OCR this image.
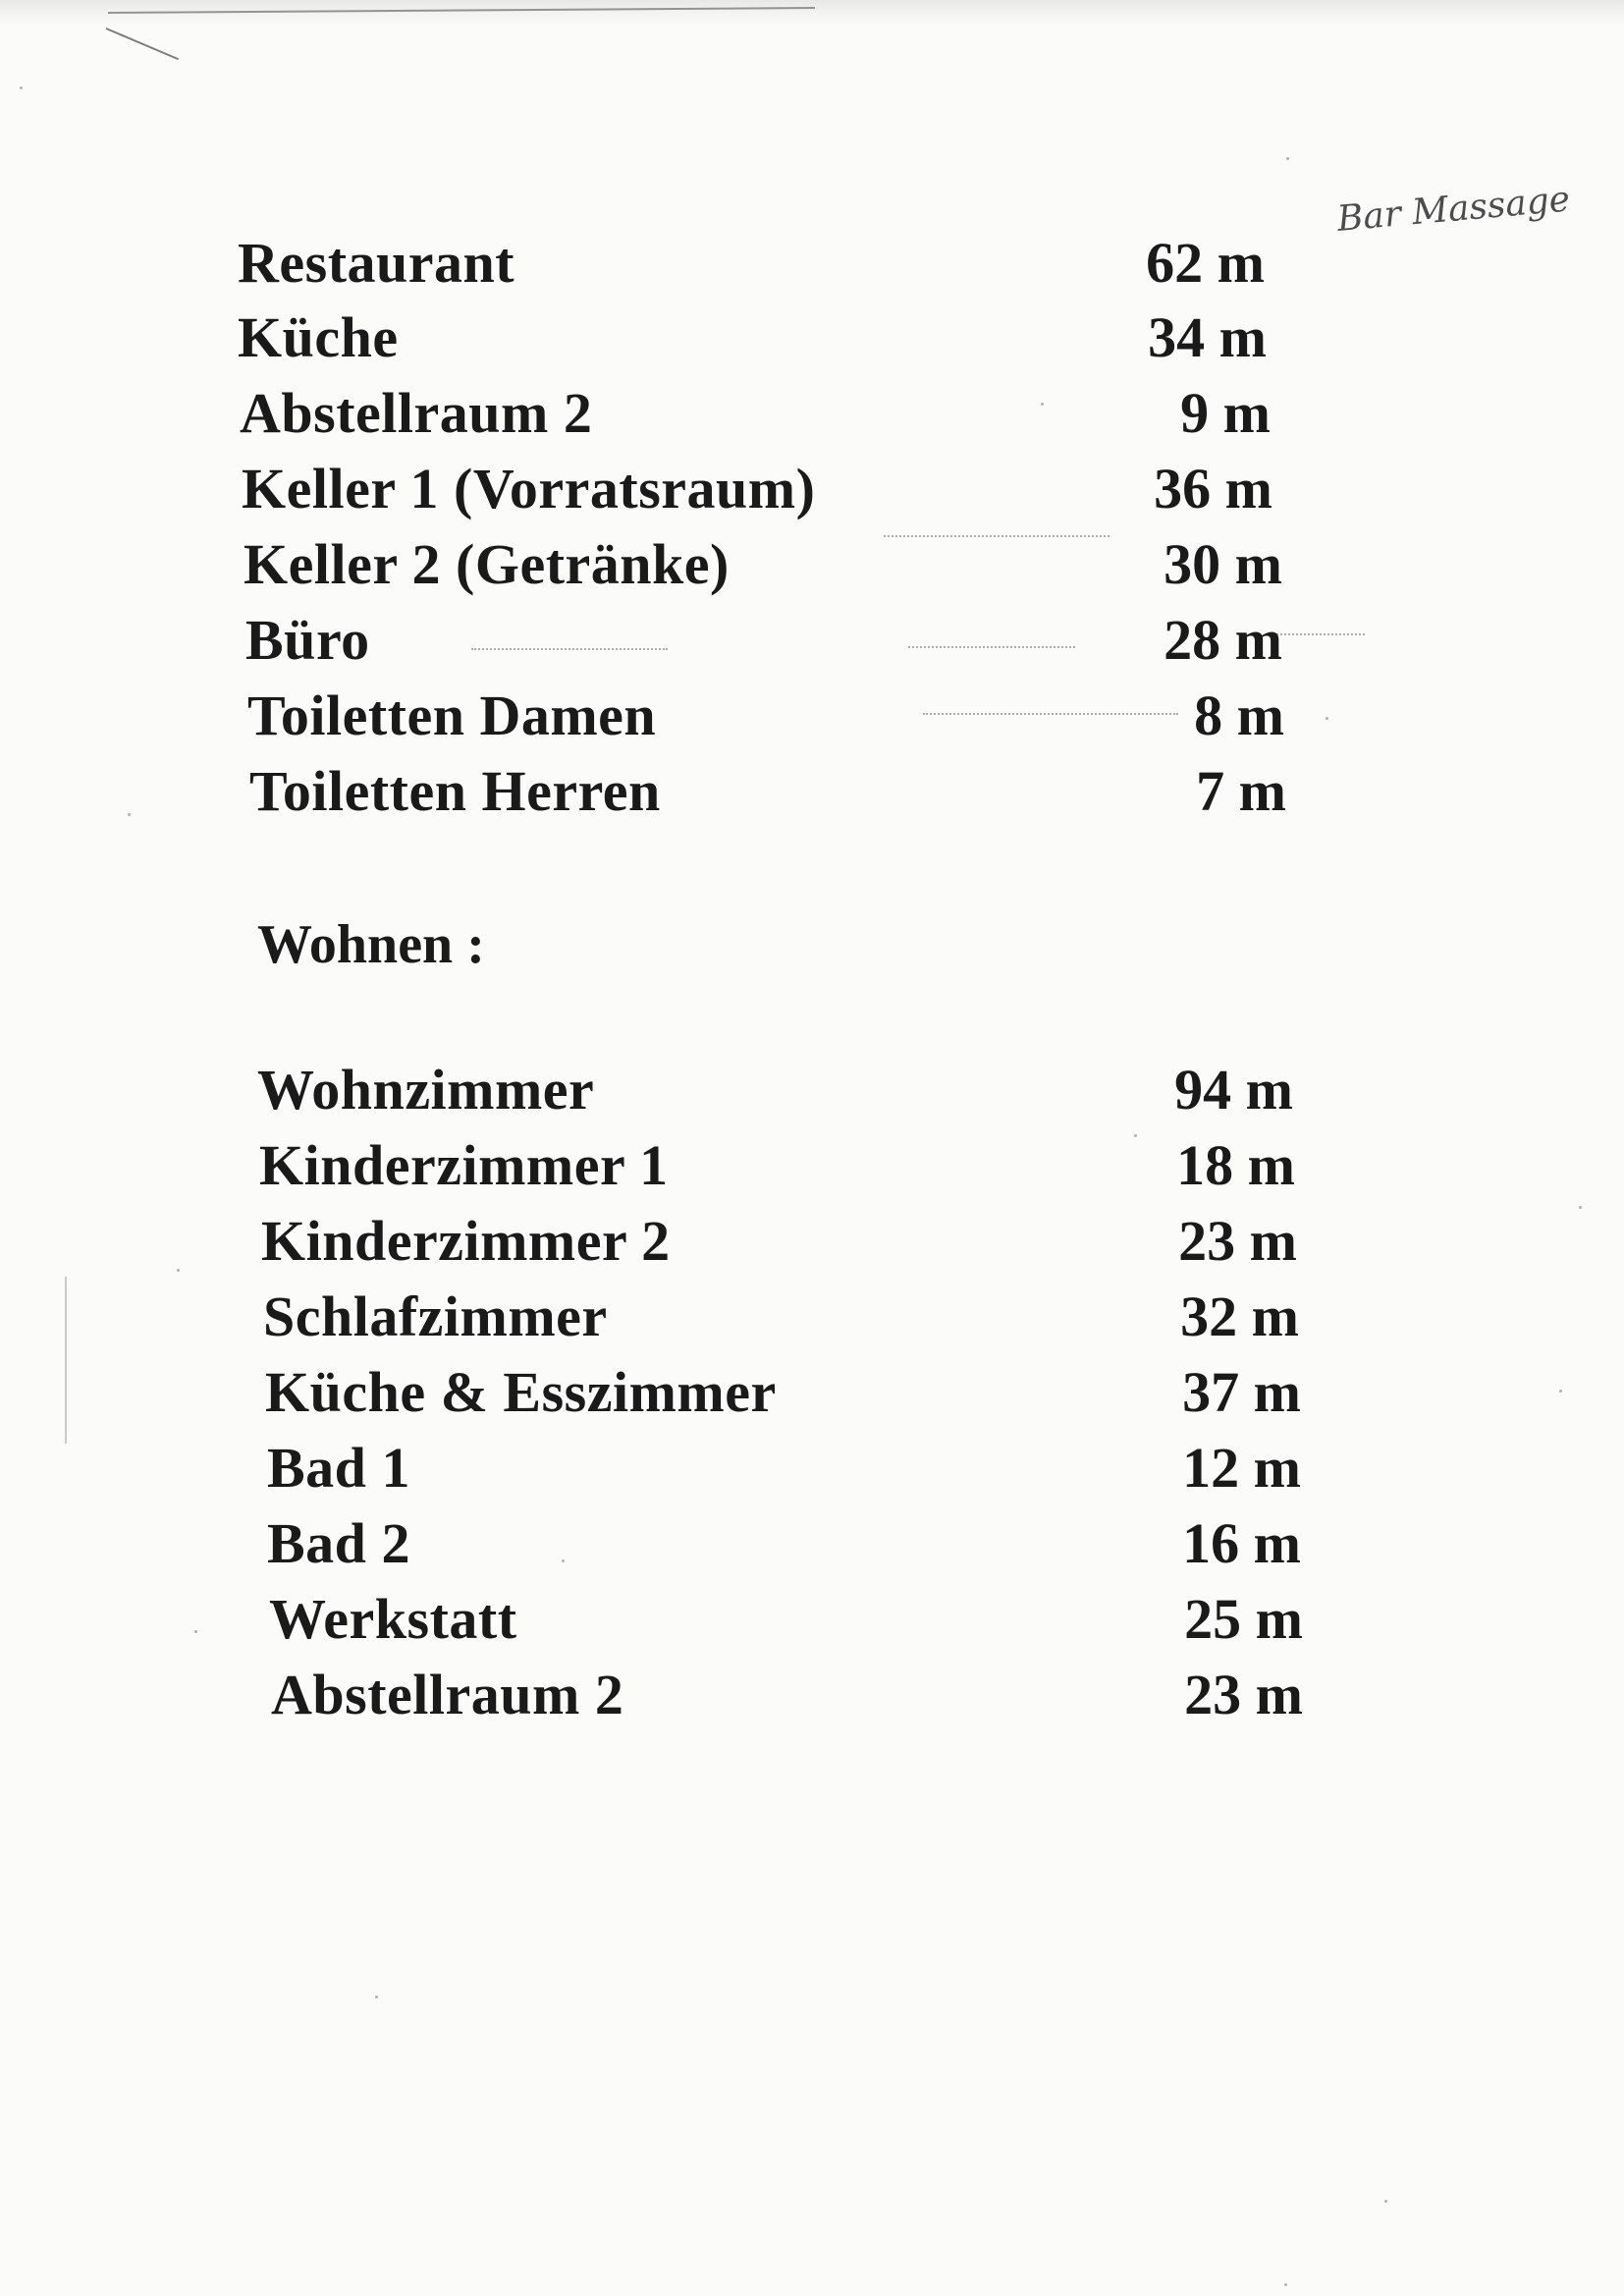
Bar Massage
Restaurant	62 m
Küche	34 m
Abstellraum 2	9 m
Keller 1 (Vorratsraum)	36 m
Keller 2 (Getränke)	30 m
Büro	28 m
Toiletten Damen	8 m
Toiletten Herren	7 m
Wohnen :
Wohnzimmer	94 m
Kinderzimmer 1	18 m
Kinderzimmer 2	23 m
Schlafzimmer	32 m
Küche & Esszimmer	37 m
Bad 1	12 m
Bad 2	16 m
Werkstatt	25 m
Abstellraum 2	23 m
